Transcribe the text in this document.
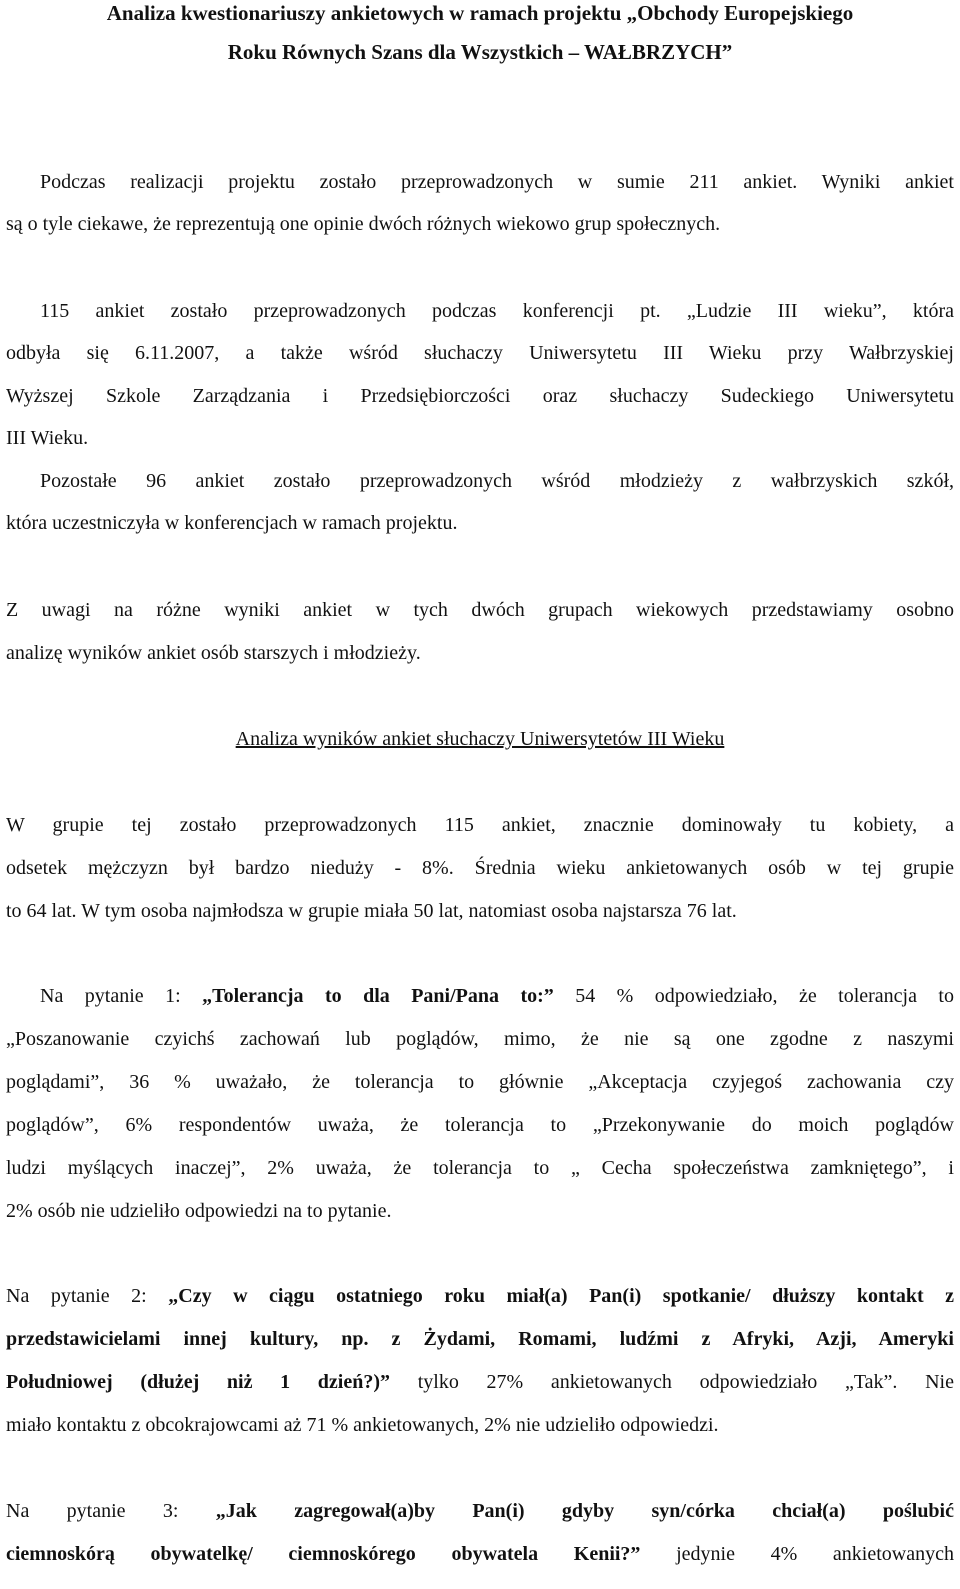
Analiza kwestionariuszy ankietowych w ramach projektu „Obchody Europejskiego
Roku Równych Szans dla Wszystkich – WAŁBRZYCH”
Podczas realizacji projektu zostało przeprowadzonych w sumie 211 ankiet. Wyniki ankiet
są o tyle ciekawe, że reprezentują one opinie dwóch różnych wiekowo grup społecznych.
115 ankiet zostało przeprowadzonych podczas konferencji pt. „Ludzie III wieku”, która
odbyła się 6.11.2007, a także wśród słuchaczy Uniwersytetu III Wieku przy Wałbrzyskiej
Wyższej Szkole Zarządzania i Przedsiębiorczości oraz słuchaczy Sudeckiego Uniwersytetu
III Wieku.
Pozostałe 96 ankiet zostało przeprowadzonych wśród młodzieży z wałbrzyskich szkół,
która uczestniczyła w konferencjach w ramach projektu.
Z uwagi na różne wyniki ankiet w tych dwóch grupach wiekowych przedstawiamy osobno
analizę wyników ankiet osób starszych i młodzieży.
Analiza wyników ankiet słuchaczy Uniwersytetów III Wieku
W grupie tej zostało przeprowadzonych 115 ankiet, znacznie dominowały tu kobiety, a
odsetek mężczyzn był bardzo nieduży - 8%. Średnia wieku ankietowanych osób w tej grupie
to 64 lat. W tym osoba najmłodsza w grupie miała 50 lat, natomiast osoba najstarsza 76 lat.
Na pytanie 1: „Tolerancja to dla Pani/Pana to:” 54 % odpowiedziało, że tolerancja to
„Poszanowanie czyichś zachowań lub poglądów, mimo, że nie są one zgodne z naszymi
poglądami”, 36 % uważało, że tolerancja to głównie „Akceptacja czyjegoś zachowania czy
poglądów”, 6% respondentów uważa, że tolerancja to „Przekonywanie do moich poglądów
ludzi myślących inaczej”, 2% uważa, że tolerancja to „ Cecha społeczeństwa zamkniętego”, i
2% osób nie udzieliło odpowiedzi na to pytanie.
Na pytanie 2: „Czy w ciągu ostatniego roku miał(a) Pan(i) spotkanie/ dłuższy kontakt z
przedstawicielami innej kultury, np. z Żydami, Romami, ludźmi z Afryki, Azji, Ameryki
Południowej (dłużej niż 1 dzień?)” tylko 27% ankietowanych odpowiedziało „Tak”. Nie
miało kontaktu z obcokrajowcami aż 71 % ankietowanych, 2% nie udzieliło odpowiedzi.
Na pytanie 3: „Jak zagregował(a)by Pan(i) gdyby syn/córka chciał(a) poślubić
ciemnoskórą obywatelkę/ ciemnoskórego obywatela Kenii?” jedynie 4% ankietowanych
